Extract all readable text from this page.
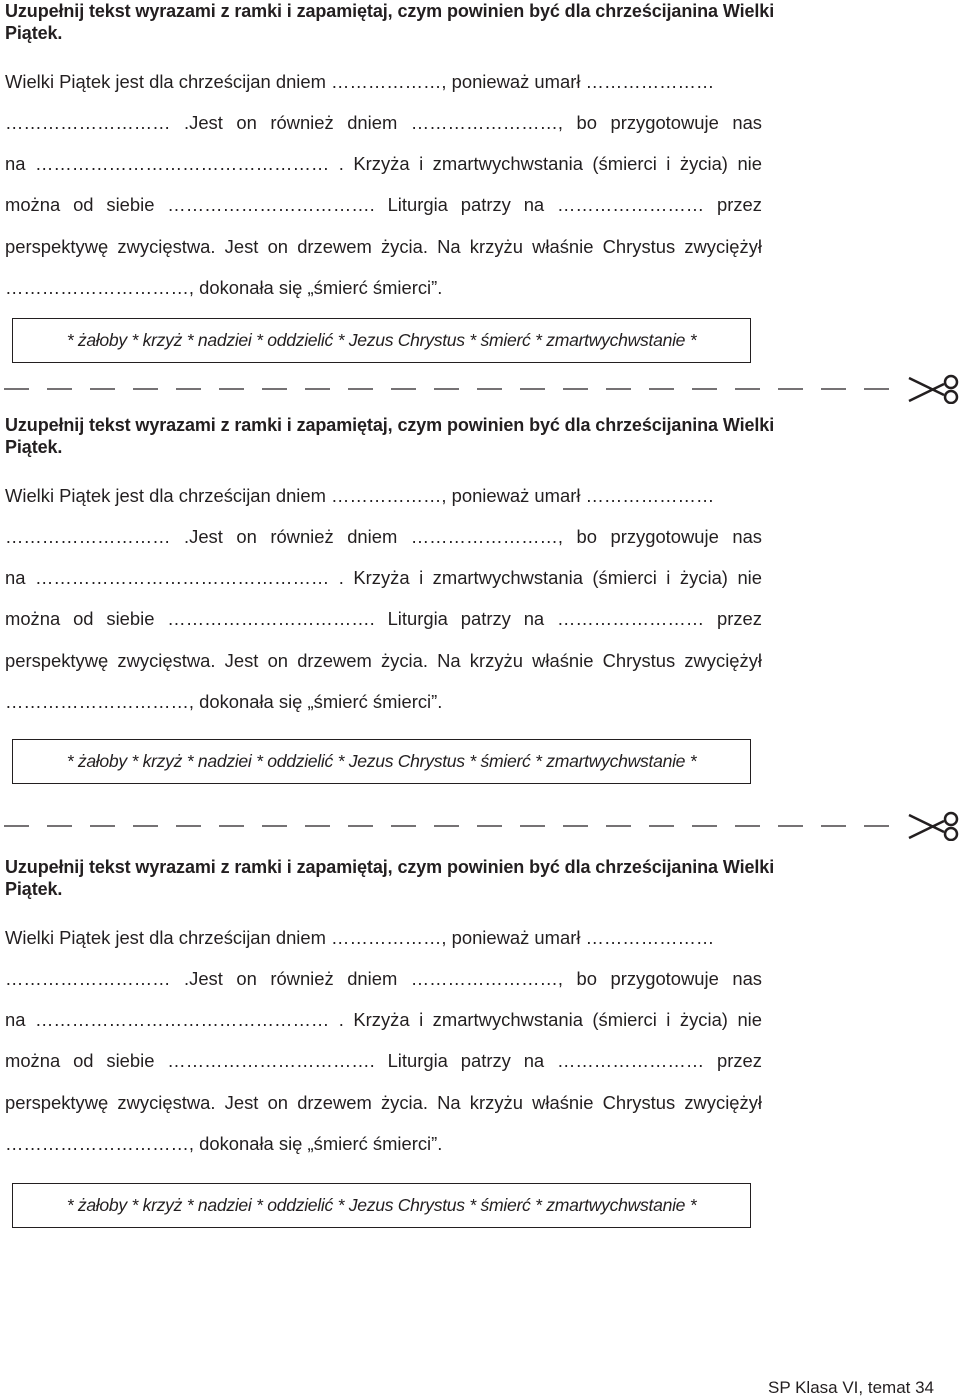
Uzupełnij tekst wyrazami z ramki i zapamiętaj, czym powinien być dla chrześcijanina Wielki Piątek.
Wielki Piątek jest dla chrześcijan dniem ………………, ponieważ umarł …………………
……………………… .Jest on również dniem ……………………, bo przygotowuje nas
na ………………………………………… . Krzyża i zmartwychwstania (śmierci i życia) nie
można od siebie ……………………………. Liturgia patrzy na …………………… przez
perspektywę zwycięstwa. Jest on drzewem życia. Na krzyżu właśnie Chrystus zwyciężył
…………………………, dokonała się „śmierć śmierci”.
* żałoby * krzyż * nadziei * oddzielić * Jezus Chrystus * śmierć * zmartwychwstanie *
Uzupełnij tekst wyrazami z ramki i zapamiętaj, czym powinien być dla chrześcijanina Wielki Piątek.
Wielki Piątek jest dla chrześcijan dniem ………………, ponieważ umarł …………………
……………………… .Jest on również dniem ……………………, bo przygotowuje nas
na ………………………………………… . Krzyża i zmartwychwstania (śmierci i życia) nie
można od siebie ……………………………. Liturgia patrzy na …………………… przez
perspektywę zwycięstwa. Jest on drzewem życia. Na krzyżu właśnie Chrystus zwyciężył
…………………………, dokonała się „śmierć śmierci”.
* żałoby * krzyż * nadziei * oddzielić * Jezus Chrystus * śmierć * zmartwychwstanie *
Uzupełnij tekst wyrazami z ramki i zapamiętaj, czym powinien być dla chrześcijanina Wielki Piątek.
Wielki Piątek jest dla chrześcijan dniem ………………, ponieważ umarł …………………
……………………… .Jest on również dniem ……………………, bo przygotowuje nas
na ………………………………………… . Krzyża i zmartwychwstania (śmierci i życia) nie
można od siebie ……………………………. Liturgia patrzy na …………………… przez
perspektywę zwycięstwa. Jest on drzewem życia. Na krzyżu właśnie Chrystus zwyciężył
…………………………, dokonała się „śmierć śmierci”.
* żałoby * krzyż * nadziei * oddzielić * Jezus Chrystus * śmierć * zmartwychwstanie *
SP Klasa VI, temat 34
